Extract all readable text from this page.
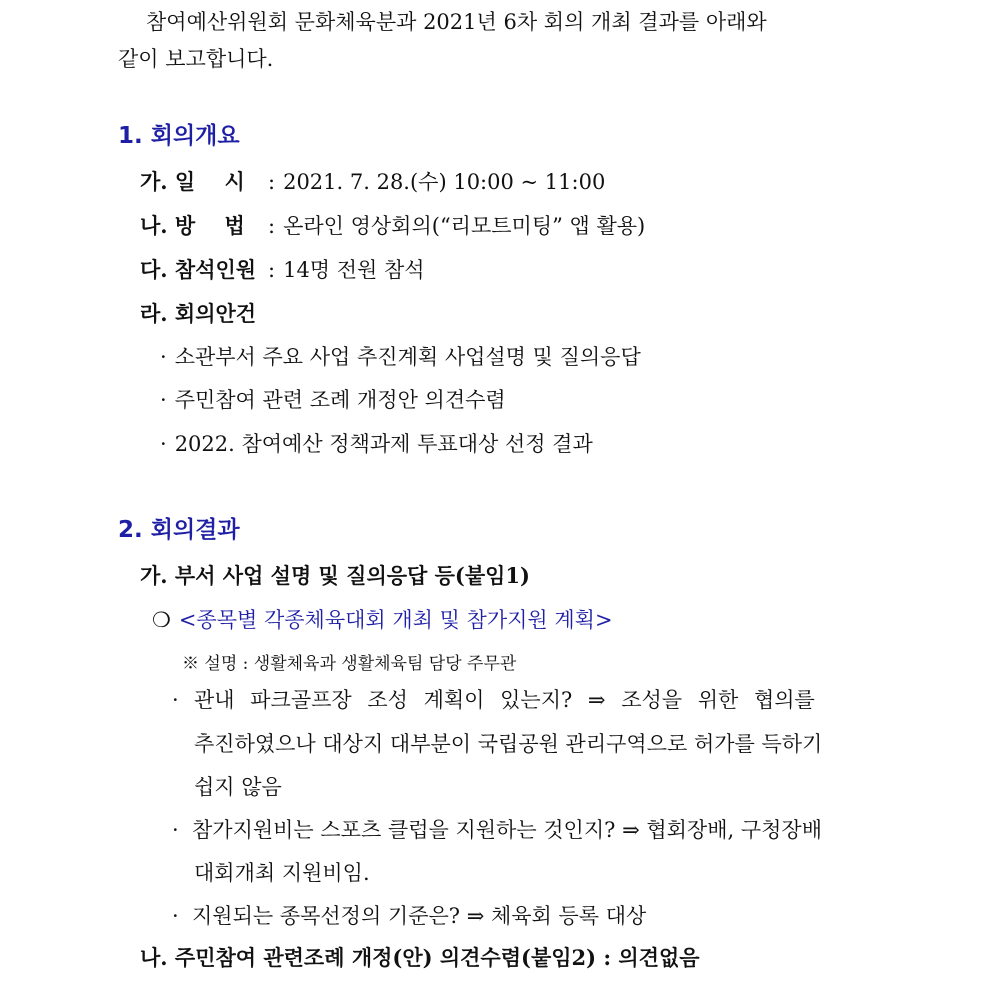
참여예산위원회 문화체육분과 2021년 6차 회의 개최 결과를 아래와
같이 보고합니다.
1. 회의개요
가. 일    시 : 2021. 7. 28.(수) 10:00 ~ 11:00
나. 방    법 : 온라인 영상회의(“리모트미팅” 앱 활용)
다. 참석인원 : 14명 전원 참석
라. 회의안건
· 소관부서 주요 사업 추진계획 사업설명 및 질의응답
· 주민참여 관련 조례 개정안 의견수렴
· 2022. 참여예산 정책과제 투표대상 선정 결과
2. 회의결과
가. 부서 사업 설명 및 질의응답 등(붙임1)
❍ <종목별 각종체육대회 개최 및 참가지원 계획>
※ 설명 : 생활체육과 생활체육팀 담당 주무관
· 관내 파크골프장 조성 계획이 있는지? ⇒ 조성을 위한 협의를
추진하였으나 대상지 대부분이 국립공원 관리구역으로 허가를 득하기
쉽지 않음
· 참가지원비는 스포츠 클럽을 지원하는 것인지? ⇒ 협회장배, 구청장배
대회개최 지원비임.
· 지원되는 종목선정의 기준은? ⇒ 체육회 등록 대상
나. 주민참여 관련조례 개정(안) 의견수렴(붙임2) : 의견없음
